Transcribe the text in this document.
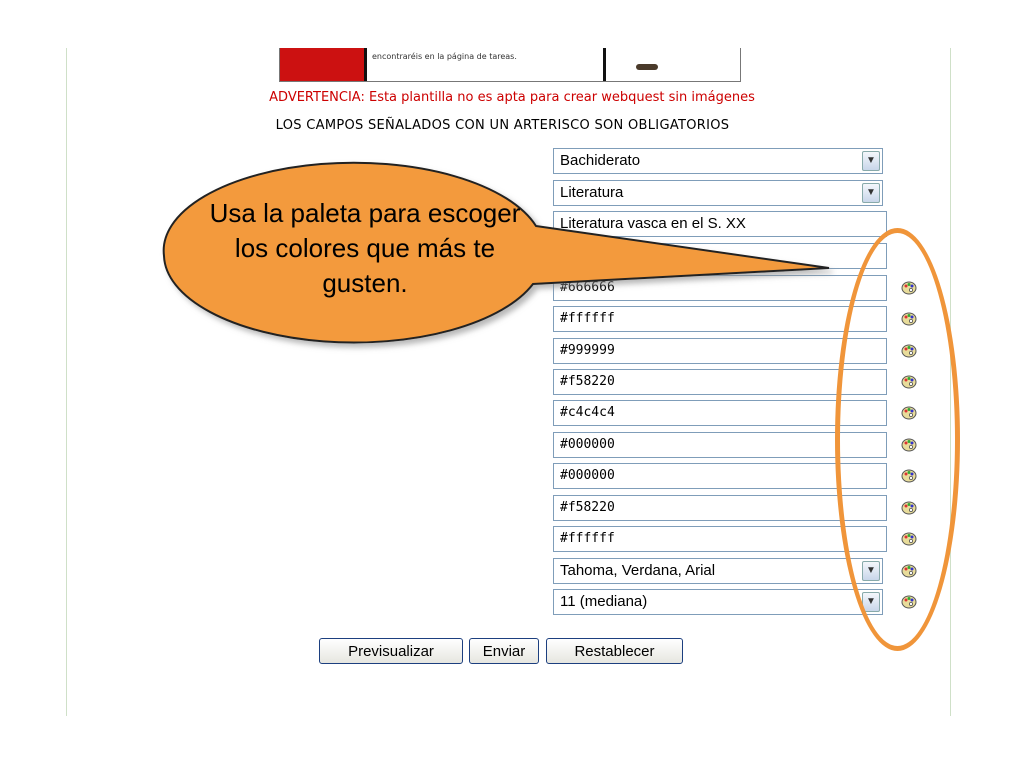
encontraréis en la página de tareas.
ADVERTENCIA: Esta plantilla no es apta para crear webquest sin imágenes
LOS CAMPOS SEÑALADOS CON UN ARTERISCO SON OBLIGATORIOS
Bachiderato	▼
Literatura	▼
Literatura vasca en el S. XX
#666666
#ffffff
#999999
#f58220
#c4c4c4
#000000
#000000
#f58220
#ffffff
Tahoma, Verdana, Arial	▼
11 (mediana)	▼
Previsualizar	Enviar	Restablecer
Usa la paleta para escoger los colores que más te gusten.
